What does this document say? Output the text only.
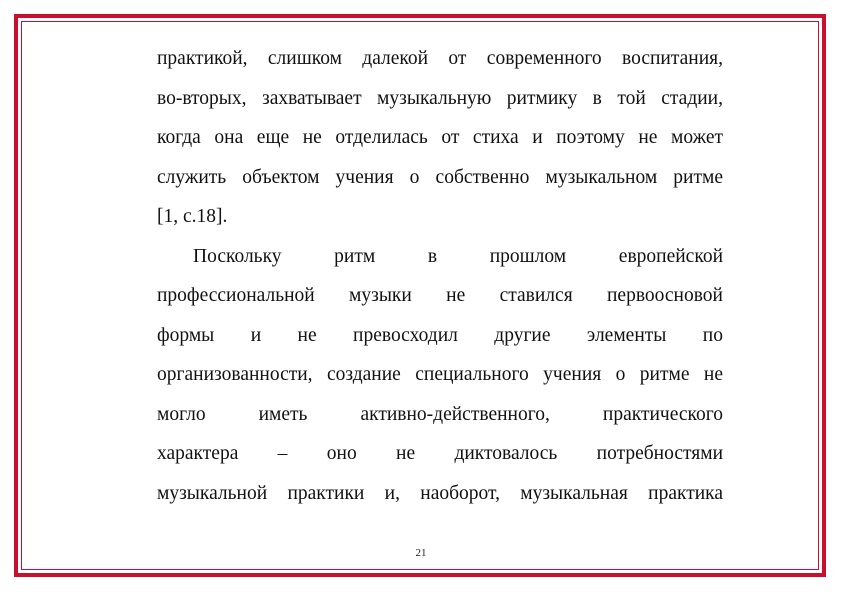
практикой, слишком далекой от современного воспитания,
во-вторых, захватывает музыкальную ритмику в той стадии,
когда она еще не отделилась от стиха и поэтому не может
служить объектом учения о собственно музыкальном ритме
[1, с.18].
Поскольку ритм в прошлом европейской
профессиональной музыки не ставился первоосновой
формы и не превосходил другие элементы по
организованности, создание специального учения о ритме не
могло иметь активно-действенного, практического
характера – оно не диктовалось потребностями
музыкальной практики и, наоборот, музыкальная практика
21
